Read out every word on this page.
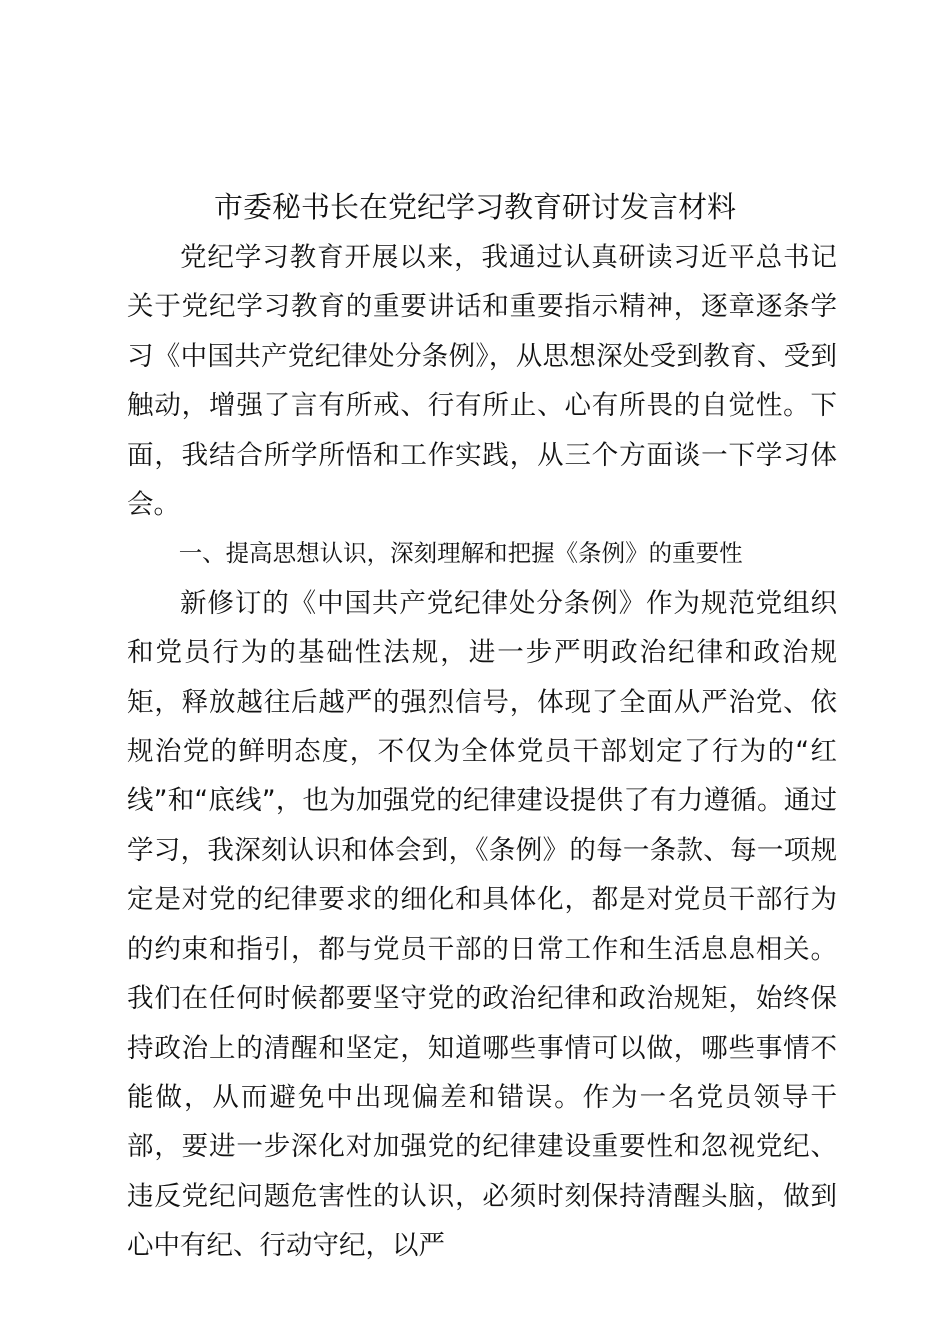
市委秘书长在党纪学习教育研讨发言材料

党纪学习教育开展以来，我通过认真研读习近平总书记关于党纪学习教育的重要讲话和重要指示精神，逐章逐条学习《中国共产党纪律处分条例》，从思想深处受到教育、受到触动，增强了言有所戒、行有所止、心有所畏的自觉性。下面，我结合所学所悟和工作实践，从三个方面谈一下学习体会。

一、提高思想认识，深刻理解和把握《条例》的重要性

新修订的《中国共产党纪律处分条例》作为规范党组织和党员行为的基础性法规，进一步严明政治纪律和政治规矩，释放越往后越严的强烈信号，体现了全面从严治党、依规治党的鲜明态度，不仅为全体党员干部划定了行为的“红线”和“底线”，也为加强党的纪律建设提供了有力遵循。通过学习，我深刻认识和体会到，《条例》的每一条款、每一项规定是对党的纪律要求的细化和具体化，都是对党员干部行为的约束和指引，都与党员干部的日常工作和生活息息相关。我们在任何时候都要坚守党的政治纪律和政治规矩，始终保持政治上的清醒和坚定，知道哪些事情可以做，哪些事情不能做，从而避免中出现偏差和错误。作为一名党员领导干部，要进一步深化对加强党的纪律建设重要性和忽视党纪、违反党纪问题危害性的认识，必须时刻保持清醒头脑，做到心中有纪、行动守纪，以严
